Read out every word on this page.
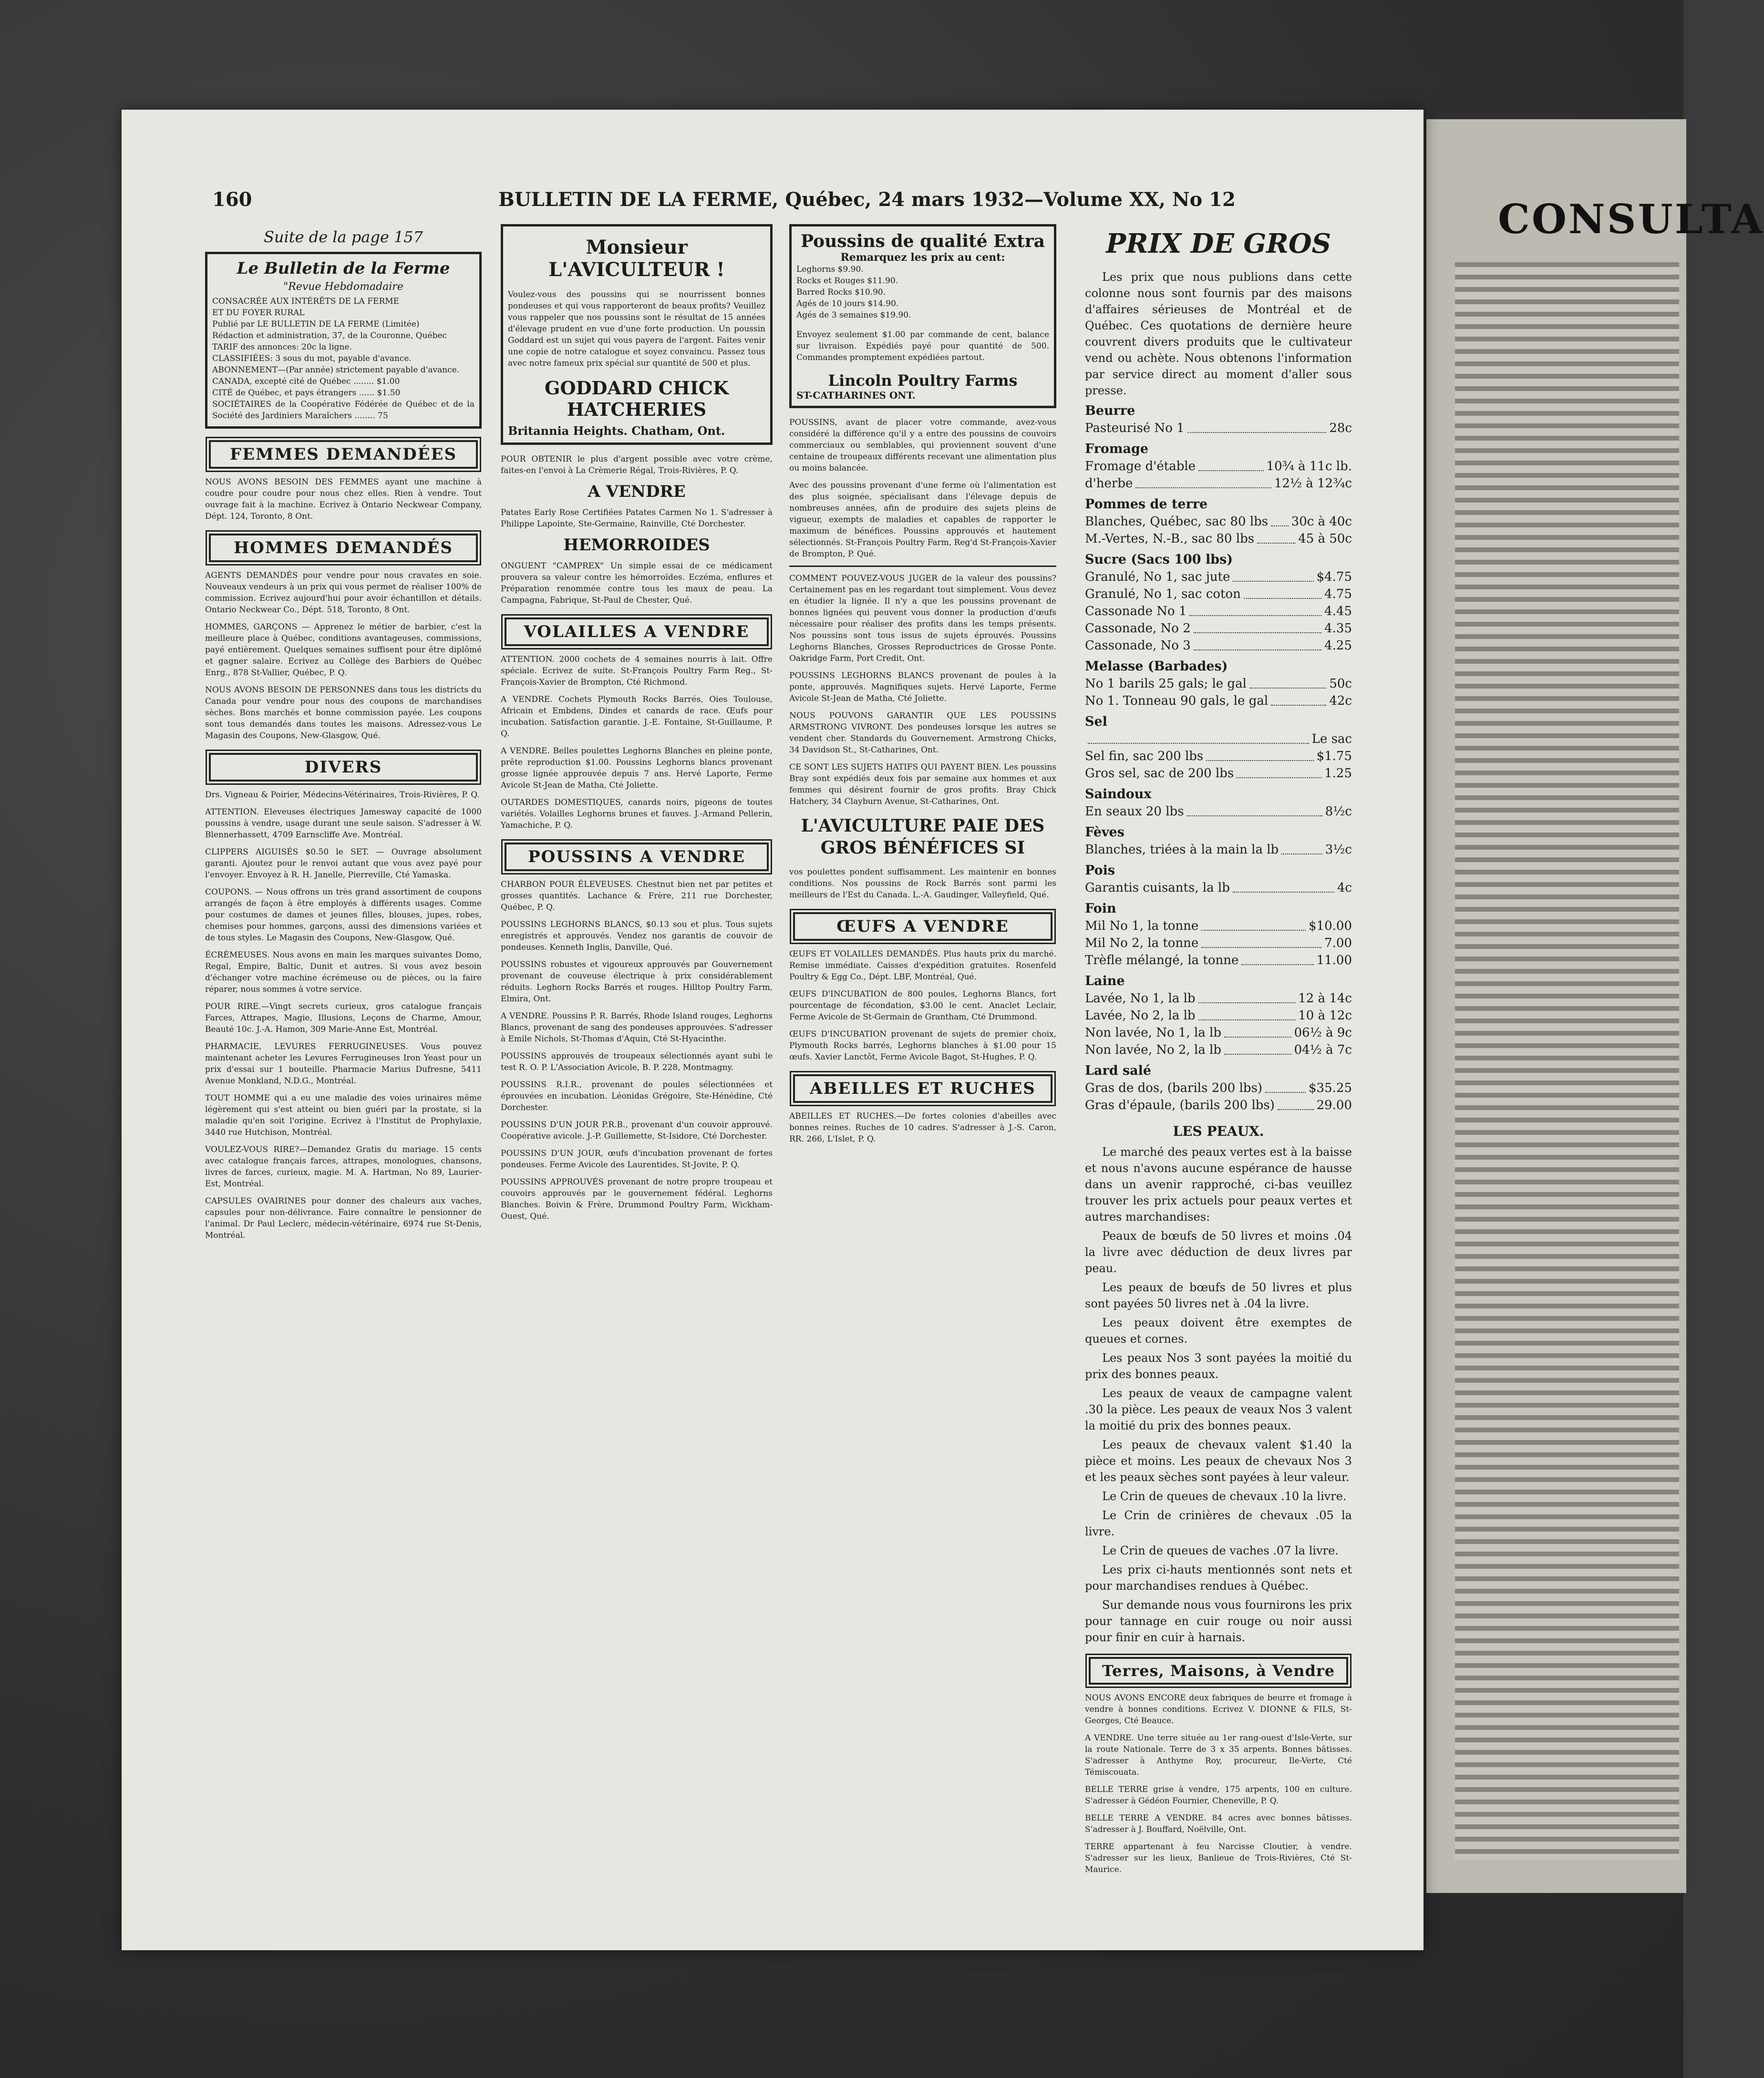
CONSULTA
160	BULLETIN DE LA FERME, Québec, 24 mars 1932—Volume XX, No 12
Suite de la page 157
Le Bulletin de la Ferme
"Revue Hebdomadaire
CONSACRÉE AUX INTÉRÊTS DE LA FERME
ET DU FOYER RURAL
Publié par LE BULLETIN DE LA FERME (Limitée)
Rédaction et administration, 37, de la Couronne, Québec
TARIF des annonces: 20c la ligne.
CLASSIFIÉES: 3 sous du mot, payable d'avance.
ABONNEMENT—(Par année) strictement payable d'avance.
CANADA, excepté cité de Québec ........ $1.00
CITÉ de Québec, et pays étrangers ...... $1.50
SOCIÉTAIRES de la Coopérative Fédérée de Québec et de la Société des Jardiniers Maraîchers ........ 75
FEMMES DEMANDÉES

NOUS AVONS BESOIN DES FEMMES ayant une machine à coudre pour coudre pour nous chez elles. Rien à vendre. Tout ouvrage fait à la machine. Ecrivez à Ontario Neckwear Company, Dépt. 124, Toronto, 8 Ont.

HOMMES DEMANDÉS

AGENTS DEMANDÉS pour vendre pour nous cravates en soie. Nouveaux vendeurs à un prix qui vous permet de réaliser 100% de commission. Ecrivez aujourd'hui pour avoir échantillon et détails. Ontario Neckwear Co., Dépt. 518, Toronto, 8 Ont.

HOMMES, GARÇONS — Apprenez le métier de barbier, c'est la meilleure place à Québec, conditions avantageuses, commissions, payé entièrement. Quelques semaines suffisent pour être diplômé et gagner salaire. Ecrivez au Collège des Barbiers de Québec Enrg., 878 St-Vallier, Québec, P. Q.

NOUS AVONS BESOIN DE PERSONNES dans tous les districts du Canada pour vendre pour nous des coupons de marchandises sèches. Bons marchés et bonne commission payée. Les coupons sont tous demandés dans toutes les maisons. Adressez-vous Le Magasin des Coupons, New-Glasgow, Qué.

DIVERS

Drs. Vigneau & Poirier, Médecins-Vétérinaires, Trois-Rivières, P. Q.

ATTENTION. Eleveuses électriques Jamesway capacité de 1000 poussins à vendre, usage durant une seule saison. S'adresser à W. Blennerhassett, 4709 Earnscliffe Ave. Montréal.

CLIPPERS AIGUISÉS $0.50 le SET. — Ouvrage absolument garanti. Ajoutez pour le renvoi autant que vous avez payé pour l'envoyer. Envoyez à R. H. Janelle, Pierreville, Cté Yamaska.

COUPONS. — Nous offrons un très grand assortiment de coupons arrangés de façon à être employés à différents usages. Comme pour costumes de dames et jeunes filles, blouses, jupes, robes, chemises pour hommes, garçons, aussi des dimensions variées et de tous styles. Le Magasin des Coupons, New-Glasgow, Qué.

ÉCRÉMEUSES. Nous avons en main les marques suivantes Domo, Regal, Empire, Baltic, Dunit et autres. Si vous avez besoin d'échanger votre machine écrémeuse ou de pièces, ou la faire réparer, nous sommes à votre service.

POUR RIRE.—Vingt secrets curieux, gros catalogue français Farces, Attrapes, Magie, Illusions, Leçons de Charme, Amour, Beauté 10c. J.-A. Hamon, 309 Marie-Anne Est, Montréal.

PHARMACIE, LEVURES FERRUGINEUSES. Vous pouvez maintenant acheter les Levures Ferrugineuses Iron Yeast pour un prix d'essai sur 1 bouteille. Pharmacie Marius Dufresne, 5411 Avenue Monkland, N.D.G., Montréal.

TOUT HOMME qui a eu une maladie des voies urinaires même légèrement qui s'est atteint ou bien guéri par la prostate, si la maladie qu'en soit l'origine. Ecrivez à l'Institut de Prophylaxie, 3440 rue Hutchison, Montréal.

VOULEZ-VOUS RIRE?—Demandez Gratis du mariage. 15 cents avec catalogue français farces, attrapes, monologues, chansons, livres de farces, curieux, magie. M. A. Hartman, No 89, Laurier-Est, Montréal.

CAPSULES OVAIRINES pour donner des chaleurs aux vaches, capsules pour non-délivrance. Faire connaître le pensionner de l'animal. Dr Paul Leclerc, médecin-vétérinaire, 6974 rue St-Denis, Montréal.

Monsieur L'AVICULTEUR !

Voulez-vous des poussins qui se nourrissent bonnes pondeuses et qui vous rapporteront de beaux profits? Veuillez vous rappeler que nos poussins sont le résultat de 15 années d'élevage prudent en vue d'une forte production. Un poussin Goddard est un sujet qui vous payera de l'argent. Faites venir une copie de notre catalogue et soyez convaincu. Passez tous avec notre fameux prix spécial sur quantité de 500 et plus.

GODDARD CHICK HATCHERIES
Britannia Heights. Chatham, Ont.

POUR OBTENIR le plus d'argent possible avec votre crème, faites-en l'envoi à La Crèmerie Régal, Trois-Rivières, P. Q.

A VENDRE

Patates Early Rose Certifiées Patates Carmen No 1. S'adresser à Philippe Lapointe, Ste-Germaine, Rainville, Cté Dorchester.

HEMORROIDES

ONGUENT "CAMPREX" Un simple essai de ce médicament prouvera sa valeur contre les hémorroïdes. Eczéma, enflures et Préparation renommée contre tous les maux de peau. La Campagna, Fabrique, St-Paul de Chester, Qué.

VOLAILLES A VENDRE

ATTENTION. 2000 cochets de 4 semaines nourris à lait. Offre spéciale. Ecrivez de suite. St-François Poultry Farm Reg., St-François-Xavier de Brompton, Cté Richmond.

A VENDRE. Cochets Plymouth Rocks Barrés, Oies Toulouse, Africain et Embdens, Dindes et canards de race. Œufs pour incubation. Satisfaction garantie. J.-E. Fontaine, St-Guillaume, P. Q.

A VENDRE. Belles poulettes Leghorns Blanches en pleine ponte, prête reproduction $1.00. Poussins Leghorns blancs provenant grosse lignée approuvée depuis 7 ans. Hervé Laporte, Ferme Avicole St-Jean de Matha, Cté Joliette.

OUTARDES DOMESTIQUES, canards noirs, pigeons de toutes variétés. Volailles Leghorns brunes et fauves. J.-Armand Pellerin, Yamachiche, P. Q.

POUSSINS A VENDRE

CHARBON POUR ÉLEVEUSES. Chestnut bien net par petites et grosses quantités. Lachance & Frère, 211 rue Dorchester, Québec, P. Q.

POUSSINS LEGHORNS BLANCS, $0.13 sou et plus. Tous sujets enregistrés et approuvés. Vendez nos garantis de couvoir de pondeuses. Kenneth Inglis, Danville, Qué.

POUSSINS robustes et vigoureux approuvés par Gouvernement provenant de couveuse électrique à prix considérablement réduits. Leghorn Rocks Barrés et rouges. Hilltop Poultry Farm, Elmira, Ont.

A VENDRE. Poussins P. R. Barrés, Rhode Island rouges, Leghorns Blancs, provenant de sang des pondeuses approuvées. S'adresser à Emile Nichols, St-Thomas d'Aquin, Cté St-Hyacinthe.

POUSSINS approuvés de troupeaux sélectionnés ayant subi le test R. O. P. L'Association Avicole, B. P. 228, Montmagny.

POUSSINS R.I.R., provenant de poules sélectionnées et éprouvées en incubation. Léonidas Grégoire, Ste-Hénédine, Cté Dorchester.

POUSSINS D'UN JOUR P.R.B., provenant d'un couvoir approuvé. Coopérative avicole. J.-P. Guillemette, St-Isidore, Cté Dorchester.

POUSSINS D'UN JOUR, œufs d'incubation provenant de fortes pondeuses. Ferme Avicole des Laurentides, St-Jovite, P. Q.

POUSSINS APPROUVÉS provenant de notre propre troupeau et couvoirs approuvés par le gouvernement fédéral. Leghorns Blanches. Boivin & Frère, Drummond Poultry Farm, Wickham-Ouest, Qué.

Poussins de qualité Extra
Remarquez les prix au cent:
Leghorns $9.90.
Rocks et Rouges $11.90.
Barred Rocks $10.90.
Agés de 10 jours $14.90.
Agés de 3 semaines $19.90.

Envoyez seulement $1.00 par commande de cent, balance sur livraison. Expédiés payé pour quantité de 500. Commandes promptement expédiées partout.

Lincoln Poultry Farms
ST-CATHARINES ONT.

POUSSINS, avant de placer votre commande, avez-vous considéré la différence qu'il y a entre des poussins de couvoirs commerciaux ou semblables, qui proviennent souvent d'une centaine de troupeaux différents recevant une alimentation plus ou moins balancée.

Avec des poussins provenant d'une ferme où l'alimentation est des plus soignée, spécialisant dans l'élevage depuis de nombreuses années, afin de produire des sujets pleins de vigueur, exempts de maladies et capables de rapporter le maximum de bénéfices. Poussins approuvés et hautement sélectionnés. St-François Poultry Farm, Reg'd St-François-Xavier de Brompton, P. Qué.

COMMENT POUVEZ-VOUS JUGER de la valeur des poussins? Certainement pas en les regardant tout simplement. Vous devez en étudier la lignée. Il n'y a que les poussins provenant de bonnes lignées qui peuvent vous donner la production d'œufs nécessaire pour réaliser des profits dans les temps présents. Nos poussins sont tous issus de sujets éprouvés. Poussins Leghorns Blanches, Grosses Reproductrices de Grosse Ponte. Oakridge Farm, Port Credit, Ont.

POUSSINS LEGHORNS BLANCS provenant de poules à la ponte, approuvés. Magnifiques sujets. Hervé Laporte, Ferme Avicole St-Jean de Matha, Cté Joliette.

NOUS POUVONS GARANTIR QUE LES POUSSINS ARMSTRONG VIVRONT. Des pondeuses lorsque les autres se vendent cher. Standards du Gouvernement. Armstrong Chicks, 34 Davidson St., St-Catharines, Ont.

CE SONT LES SUJETS HATIFS QUI PAYENT BIEN. Les poussins Bray sont expédiés deux fois par semaine aux hommes et aux femmes qui désirent fournir de gros profits. Bray Chick Hatchery, 34 Clayburn Avenue, St-Catharines, Ont.

L'AVICULTURE PAIE DES GROS BÉNÉFICES SI

vos poulettes pondent suffisamment. Les maintenir en bonnes conditions. Nos poussins de Rock Barrés sont parmi les meilleurs de l'Est du Canada. L.-A. Gaudinger, Valleyfield, Qué.

ŒUFS A VENDRE

ŒUFS ET VOLAILLES DEMANDÉS. Plus hauts prix du marché. Remise immédiate. Caisses d'expédition gratuites. Rosenfeld Poultry & Egg Co., Dépt. LBF, Montréal, Qué.

ŒUFS D'INCUBATION de 800 poules, Leghorns Blancs, fort pourcentage de fécondation, $3.00 le cent. Anaclet Leclair, Ferme Avicole de St-Germain de Grantham, Cté Drummond.

ŒUFS D'INCUBATION provenant de sujets de premier choix, Plymouth Rocks barrés, Leghorns blanches à $1.00 pour 15 œufs. Xavier Lanctôt, Ferme Avicole Bagot, St-Hughes, P. Q.

ABEILLES ET RUCHES

ABEILLES ET RUCHES.—De fortes colonies d'abeilles avec bonnes reines. Ruches de 10 cadres. S'adresser à J.-S. Caron, RR. 266, L'Islet, P. Q.

PRIX DE GROS

Les prix que nous publions dans cette colonne nous sont fournis par des maisons d'affaires sérieuses de Montréal et de Québec. Ces quotations de dernière heure couvrent divers produits que le cultivateur vend ou achète. Nous obtenons l'information par service direct au moment d'aller sous presse.

Beurre
Pasteurisé No 1	28c
Fromage
Fromage d'étable	10¾ à 11c lb.
d'herbe	12½ à 12¾c
Pommes de terre
Blanches, Québec, sac 80 lbs 30c à 40c
M.-Vertes, N.-B., sac 80 lbs	45 à 50c
Sucre (Sacs 100 lbs)
Granulé, No 1, sac jute	$4.75
Granulé, No 1, sac coton	4.75
Cassonade No 1	4.45
Cassonade, No 2	4.35
Cassonade, No 3	4.25
Melasse (Barbades)
No 1 barils 25 gals; le gal	50c
No 1. Tonneau 90 gals, le gal	42c
Sel
Le sac
Sel fin, sac 200 lbs	$1.75
Gros sel, sac de 200 lbs	1.25
Saindoux
En seaux 20 lbs	8½c
Fèves
Blanches, triées à la main la lb	3½c
Pois
Garantis cuisants, la lb	4c
Foin
Mil No 1, la tonne	$10.00
Mil No 2, la tonne	7.00
Trèfle mélangé, la tonne	11.00
Laine
Lavée, No 1, la lb	12 à 14c
Lavée, No 2, la lb	10 à 12c
Non lavée, No 1, la lb	06½ à 9c
Non lavée, No 2, la lb	04½ à 7c
Lard salé
Gras de dos, (barils 200 lbs)	$35.25
Gras d'épaule, (barils 200 lbs)	29.00
LES PEAUX.

Le marché des peaux vertes est à la baisse et nous n'avons aucune espérance de hausse dans un avenir rapproché, ci-bas veuillez trouver les prix actuels pour peaux vertes et autres marchandises:

Peaux de bœufs de 50 livres et moins .04 la livre avec déduction de deux livres par peau.

Les peaux de bœufs de 50 livres et plus sont payées 50 livres net à .04 la livre.

Les peaux doivent être exemptes de queues et cornes.

Les peaux Nos 3 sont payées la moitié du prix des bonnes peaux.

Les peaux de veaux de campagne valent .30 la pièce. Les peaux de veaux Nos 3 valent la moitié du prix des bonnes peaux.

Les peaux de chevaux valent $1.40 la pièce et moins. Les peaux de chevaux Nos 3 et les peaux sèches sont payées à leur valeur.

Le Crin de queues de chevaux .10 la livre.

Le Crin de crinières de chevaux .05 la livre.

Le Crin de queues de vaches .07 la livre.

Les prix ci-hauts mentionnés sont nets et pour marchandises rendues à Québec.

Sur demande nous vous fournirons les prix pour tannage en cuir rouge ou noir aussi pour finir en cuir à harnais.

Terres, Maisons, à Vendre

NOUS AVONS ENCORE deux fabriques de beurre et fromage à vendre à bonnes conditions. Ecrivez V. DIONNE & FILS, St-Georges, Cté Beauce.

A VENDRE. Une terre située au 1er rang-ouest d'Isle-Verte, sur la route Nationale. Terre de 3 x 35 arpents. Bonnes bâtisses. S'adresser à Anthyme Roy, procureur, Ile-Verte, Cté Témiscouata.

BELLE TERRE grise à vendre, 175 arpents, 100 en culture. S'adresser à Gédéon Fournier, Cheneville, P. Q.

BELLE TERRE A VENDRE. 84 acres avec bonnes bâtisses. S'adresser à J. Bouffard, Noëlville, Ont.

TERRE appartenant à feu Narcisse Cloutier, à vendre. S'adresser sur les lieux, Banlieue de Trois-Rivières, Cté St-Maurice.
